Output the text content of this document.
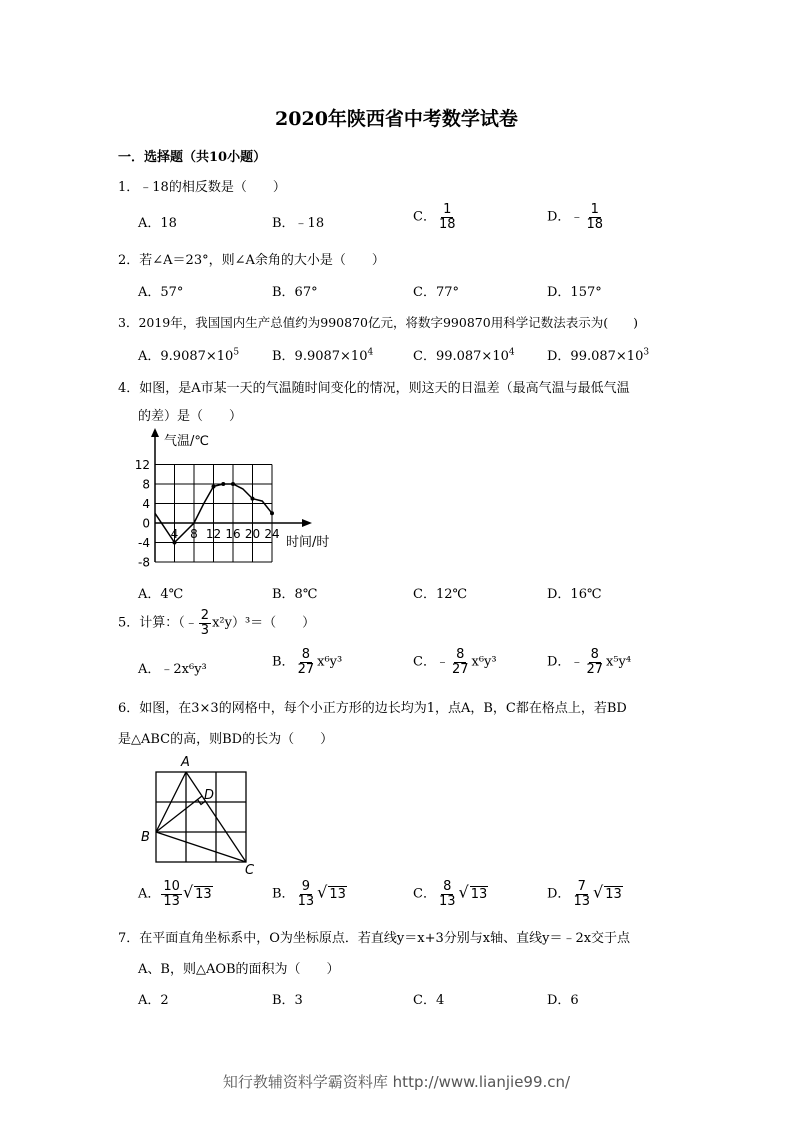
2020年陕西省中考数学试卷
一．选择题（共10小题）
1．﹣18的相反数是（　　）
A．18	B．﹣18	C． $\frac{1}{18}$	D．﹣ $\frac{1}{18}$
2．若∠A＝23°，则∠A余角的大小是（　　）
A．57°	B．67°	C．77°	D．157°
3．2019年，我国国内生产总值约为990870亿元，将数字990870用科学记数法表示为(　　)
A．$9.9087\times 10^5$	B．$9.9087\times 10^4$	C．$99.087\times 10^4$ D．$99.087\times 10^3$
4．如图，是A市某一天的气温随时间变化的情况，则这天的日温差（最高气温与最低气温
的差）是（　　）
12
8
4
0
-4
-8
4 8 12 16 20 24
气温/℃
时间/时
A．4℃	B．8℃	C．12℃	D．16℃
5．计算：（﹣ $\frac{2}{3} x^2y)^3=$（　　）
A．﹣2x⁶y³	B． $\frac{8}{27} x^6y^3$	C．﹣ $\frac{8}{27} x^6y^3$	D．﹣ $\frac{8}{27} x^5y^4$
6．如图，在3×3的网格中，每个小正方形的边长均为1，点A，B，C都在格点上，若BD
是△ABC的高，则BD的长为（　　）
A
B
C
D
A． $\frac{10}{13}$ √ 13	B． $\frac{9}{13}$ √ 13	C． $\frac{8}{13}$ √ 13	D． $\frac{7}{13}$ √ 13
7．在平面直角坐标系中，O为坐标原点．若直线y＝x+3分别与x轴、直线y＝﹣2x交于点
A、B，则△AOB的面积为（　　）
A．2	B．3	C．4	D．6
知行教辅资料学霸资料库 http://www.lianjie99.cn/
